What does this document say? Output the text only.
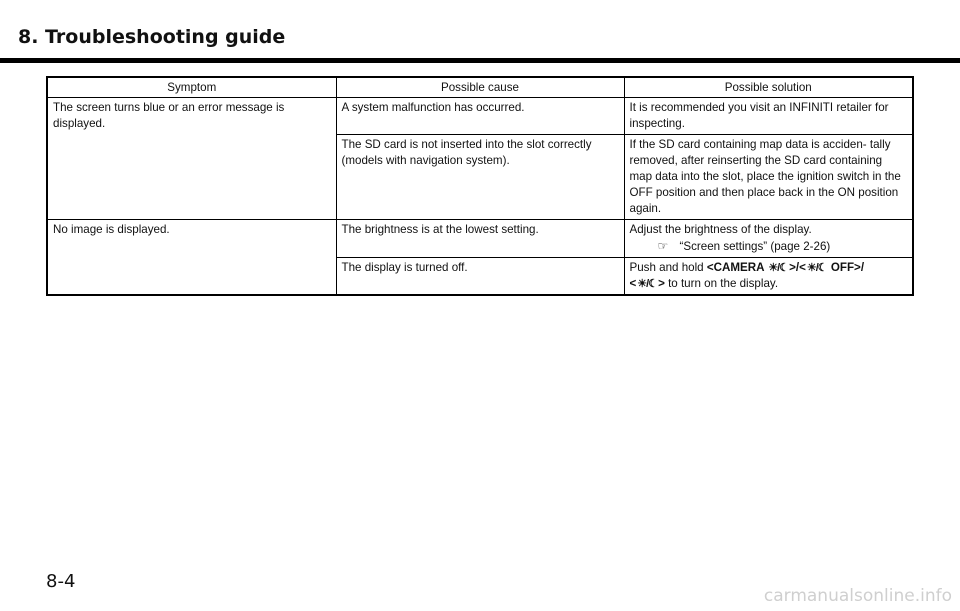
8. Troubleshooting guide
Symptom	Possible cause	Possible solution
The screen turns blue or an error message is displayed.	A system malfunction has occurred.	It is recommended you visit an INFINITI retailer for inspecting.
	The SD card is not inserted into the slot correctly (models with navigation system).	If the SD card containing map data is acciden- tally removed, after reinserting the SD card containing map data into the slot, place the ignition switch in the OFF position and then place back in the ON position again.
No image is displayed.	The brightness is at the lowest setting.	Adjust the brightness of the display.
☞ “Screen settings” (page 2-26)

	The display is turned off.	Push and hold <CAMERA ☀/☾>/<☀/☾ OFF>/
<☀/☾> to turn on the display.
8-4
carmanualsonline.info
